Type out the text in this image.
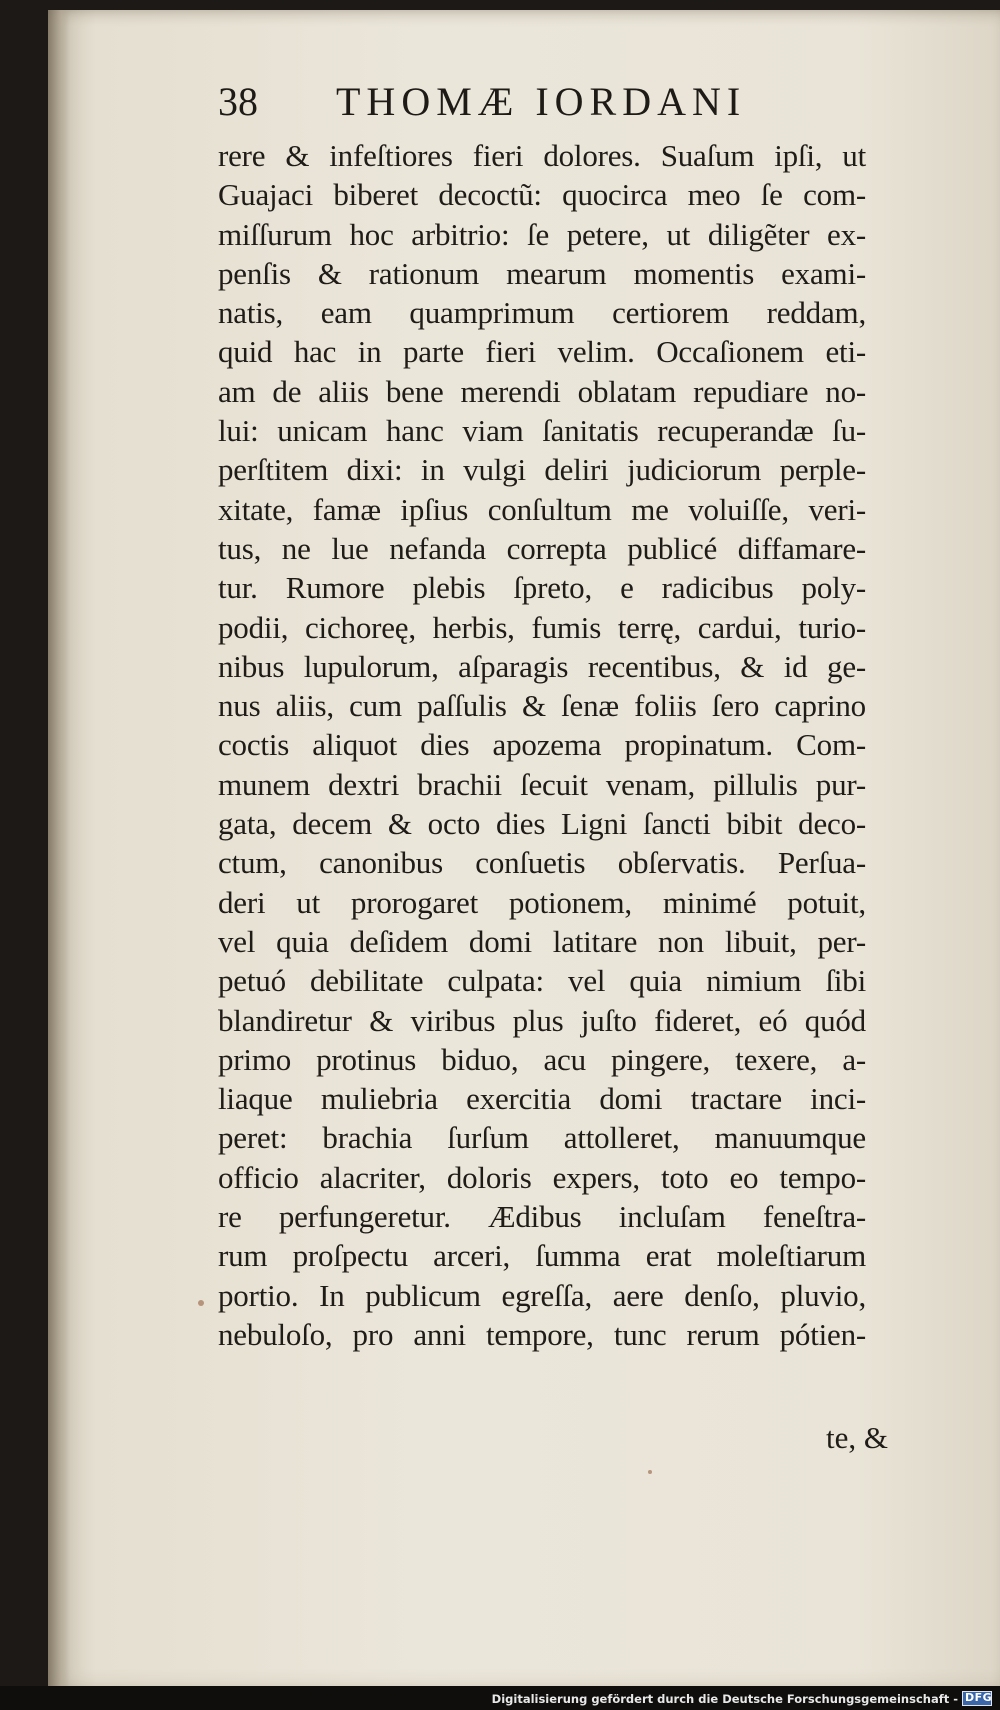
38 THOMÆ IORDANI
rere & infeſtiores fieri dolores. Suaſum ipſi, ut
Guajaci biberet decoctũ: quocirca meo ſe com-
miſſurum hoc arbitrio: ſe petere, ut diligẽter ex-
penſis & rationum mearum momentis exami-
natis, eam quamprimum certiorem reddam,
quid hac in parte fieri velim. Occaſionem eti-
am de aliis bene merendi oblatam repudiare no-
lui: unicam hanc viam ſanitatis recuperandæ ſu-
perſtitem dixi: in vulgi deliri judiciorum perple-
xitate, famæ ipſius conſultum me voluiſſe, veri-
tus, ne lue nefanda correpta publicé diffamare-
tur. Rumore plebis ſpreto, e radicibus poly-
podii, cichoreę, herbis, fumis terrę, cardui, turio-
nibus lupulorum, aſparagis recentibus, & id ge-
nus aliis, cum paſſulis & ſenæ foliis ſero caprino
coctis aliquot dies apozema propinatum. Com-
munem dextri brachii ſecuit venam, pillulis pur-
gata, decem & octo dies Ligni ſancti bibit deco-
ctum, canonibus conſuetis obſervatis. Perſua-
deri ut prorogaret potionem, minimé potuit,
vel quia deſidem domi latitare non libuit, per-
petuó debilitate culpata: vel quia nimium ſibi
blandiretur & viribus plus juſto fideret, eó quód
primo protinus biduo, acu pingere, texere, a-
liaque muliebria exercitia domi tractare inci-
peret: brachia ſurſum attolleret, manuumque
officio alacriter, doloris expers, toto eo tempo-
re perfungeretur. Ædibus incluſam feneſtra-
rum proſpectu arceri, ſumma erat moleſtiarum
portio. In publicum egreſſa, aere denſo, pluvio,
nebuloſo, pro anni tempore, tunc rerum pótien-
te, &
Digitalisierung gefördert durch die Deutsche Forschungsgemeinschaft - DFG
